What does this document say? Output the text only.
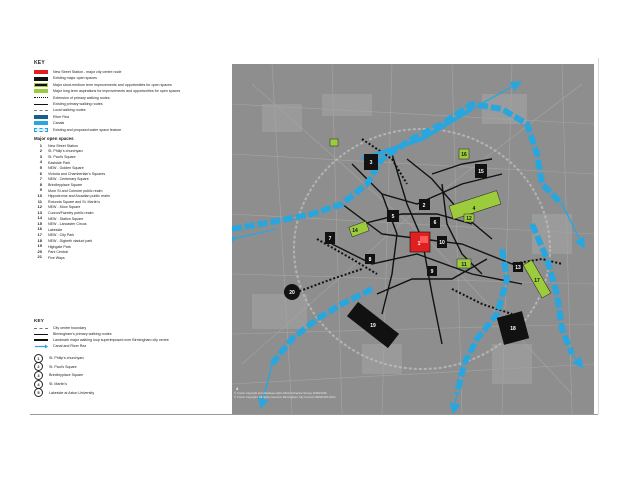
KEY
New Street Station - major city centre node
Existing major open spaces
Major short-medium term improvements and opportunities for open spaces
Major long term aspirations for improvements and opportunities for open spaces
Extension of primary walking routes
Existing primary walking routes
Local walking routes
River Rea
Canals
Existing and proposed water space feature
Major open spaces
1 New Street Station
2 St. Philip's churchyard
3 St. Paul's Square
4 Eastside Park
5 NEW - Golden Square
6 Victoria and Chamberlain's Squares
7 NEW - Centenary Square
8 Brindleyplace Square
9 Moor St and Colmore public realm
10 Hippodrome and Arcadian public realm
11 Rotunda Square and St. Martin's
12 NEW - Moor Square
13 Curzon/Fazeley public realm
14 NEW - Station Square
15 NEW - Lancaster Circus
16 Lakeside
17 NEW - City Park
18 NEW - Digbeth viaduct park
19 Highgate Park
20 Park Central
21 Five Ways
KEY
City centre boundary
Birmingham's primary walking routes
Landmark major walking loop superimposed over Birmingham city centre
Canal and River Rea
1	St. Philip's churchyard
2	St. Paul's Square
3	Brindleyplace Square
4	St. Martin's
5	Lakeside at Aston University
1
2
3
4
5
6
7
8
9
10
11
12
13
14
15
16
17
18
19
20
4
© Crown copyright and database rights 2013 Ordnance Survey 100021326
© Crown Copyright. All rights reserved. Birmingham City Council 100021326 2013
